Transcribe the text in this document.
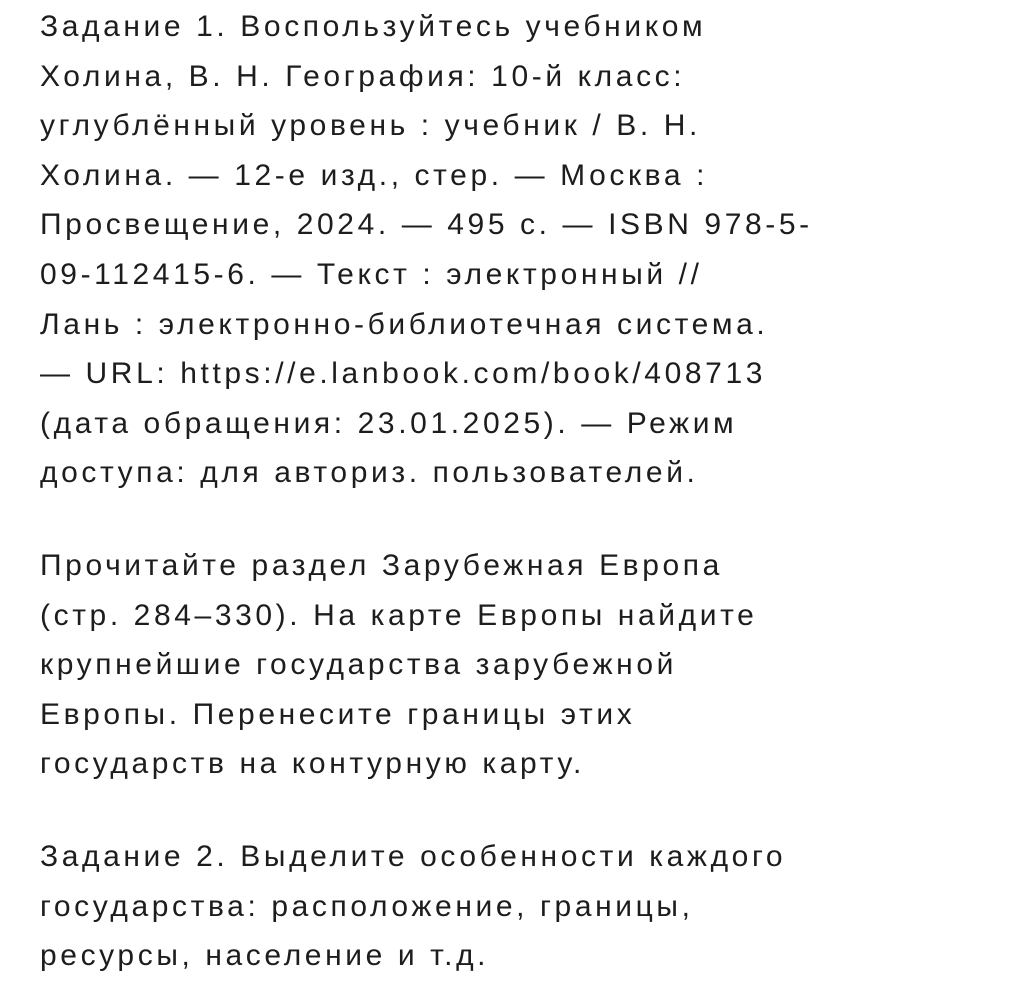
Задание 1. Воспользуйтесь учебником
Холина, В. Н. География: 10-й класс:
углублённый уровень : учебник / В. Н.
Холина. — 12-е изд., стер. — Москва :
Просвещение, 2024. — 495 с. — ISBN 978-5-
09-112415-6. — Текст : электронный //
Лань : электронно-библиотечная система.
— URL: https://e.lanbook.com/book/408713
(дата обращения: 23.01.2025). — Режим
доступа: для авториз. пользователей.

Прочитайте раздел Зарубежная Европа
(стр. 284–330). На карте Европы найдите
крупнейшие государства зарубежной
Европы. Перенесите границы этих
государств на контурную карту.

Задание 2. Выделите особенности каждого
государства: расположение, границы,
ресурсы, население и т.д.
